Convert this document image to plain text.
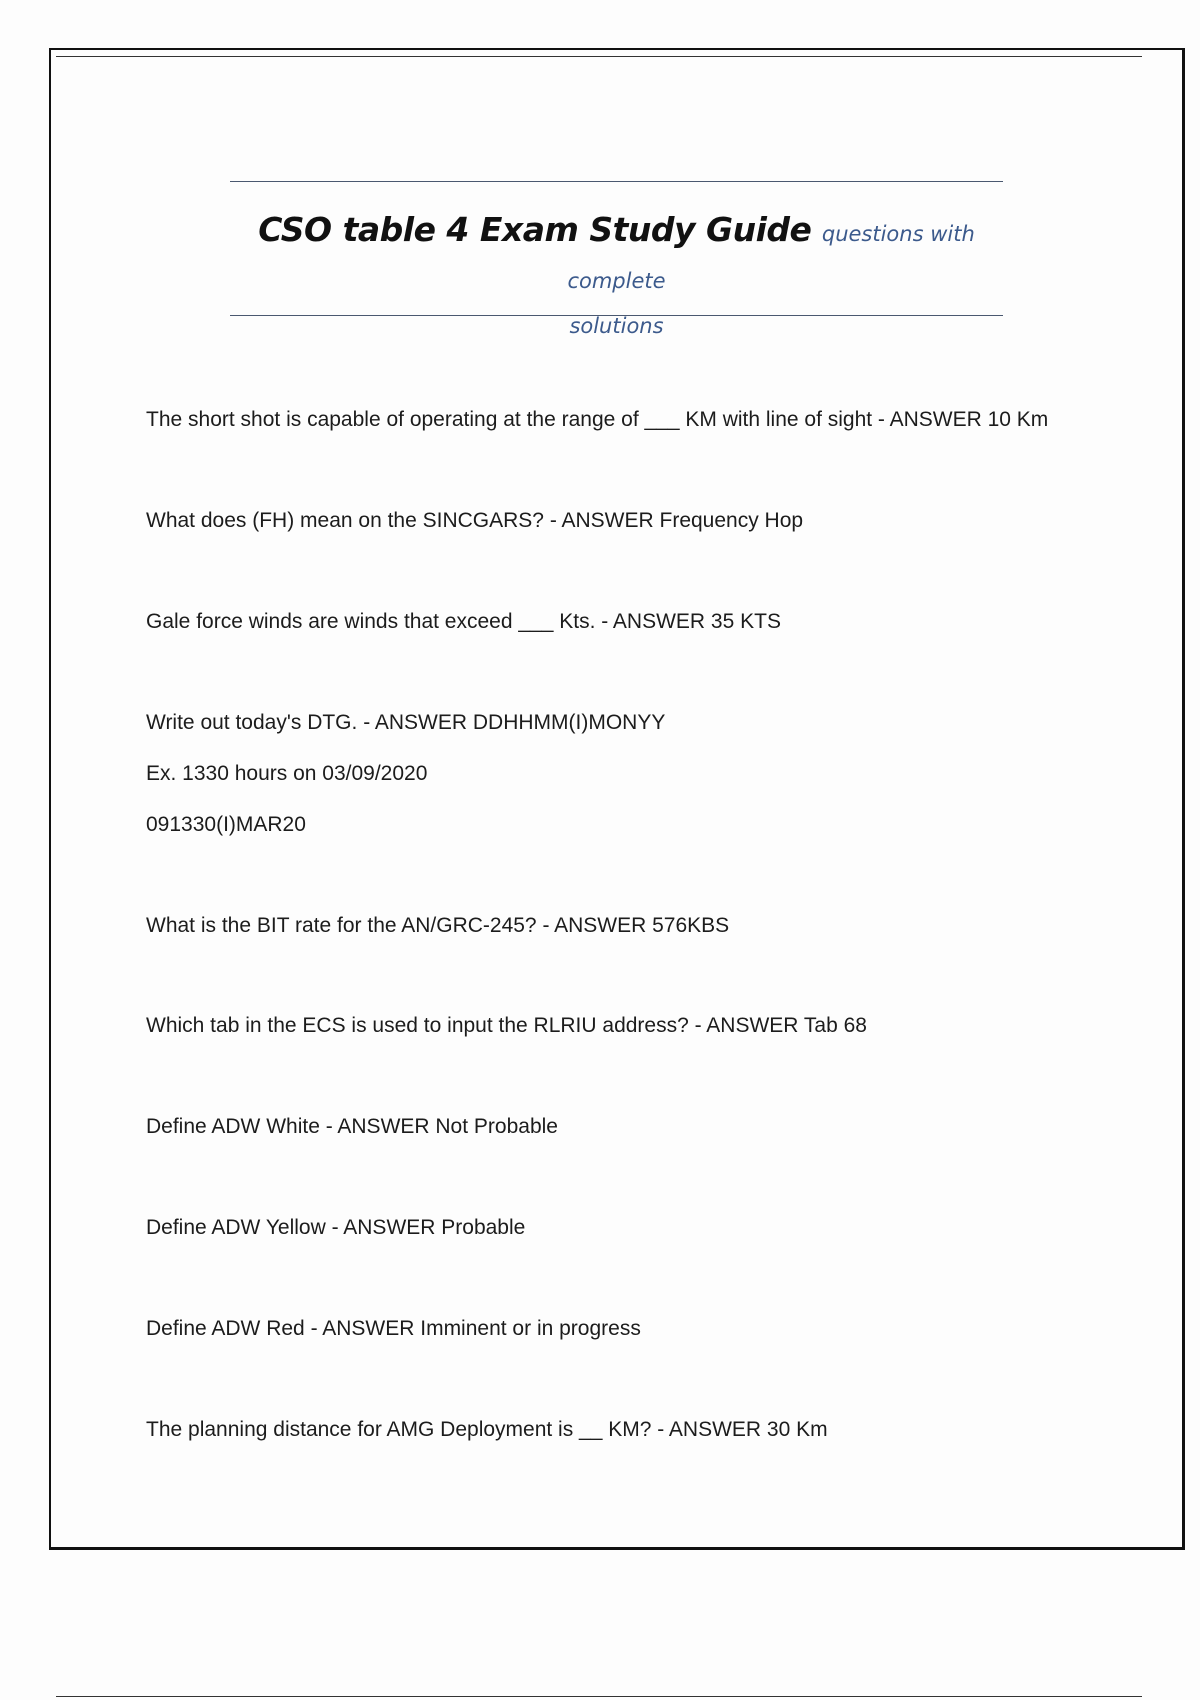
CSO table 4 Exam Study Guide questions with complete
solutions
The short shot is capable of operating at the range of ___ KM with line of sight - ANSWER 10 Km
What does (FH) mean on the SINCGARS? - ANSWER Frequency Hop
Gale force winds are winds that exceed ___ Kts. - ANSWER 35 KTS
Write out today's DTG. - ANSWER DDHHMM(I)MONYY
Ex. 1330 hours on 03/09/2020
091330(I)MAR20
What is the BIT rate for the AN/GRC-245? - ANSWER 576KBS
Which tab in the ECS is used to input the RLRIU address? - ANSWER Tab 68
Define ADW White - ANSWER Not Probable
Define ADW Yellow - ANSWER Probable
Define ADW Red - ANSWER Imminent or in progress
The planning distance for AMG Deployment is __ KM? - ANSWER 30 Km
